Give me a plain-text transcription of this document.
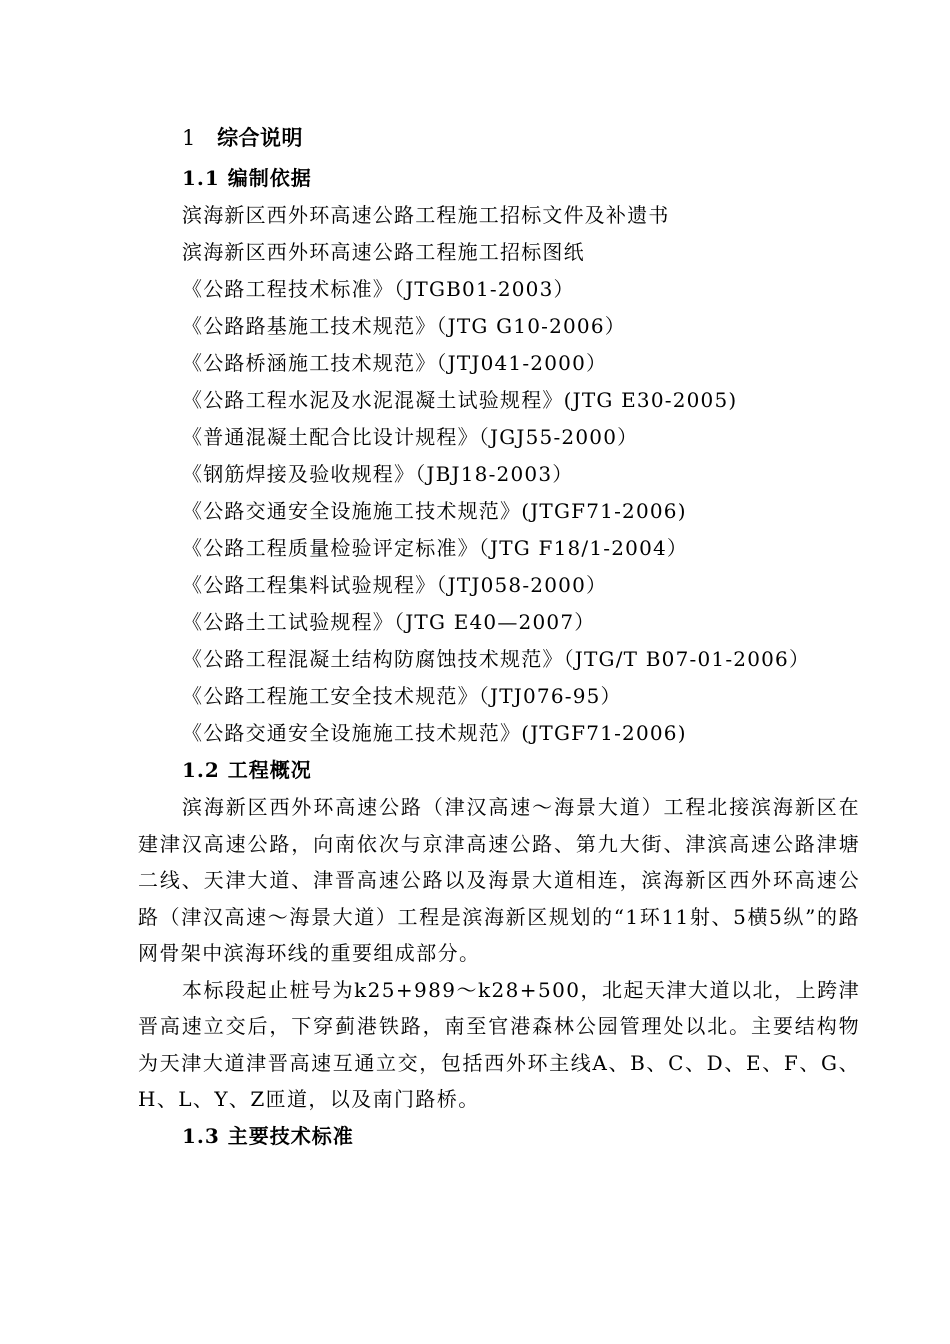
1 综合说明
1.1 编制依据
滨海新区西外环高速公路工程施工招标文件及补遗书
滨海新区西外环高速公路工程施工招标图纸
《公路工程技术标准》（JTGB01-2003）
《公路路基施工技术规范》（JTG G10-2006）
《公路桥涵施工技术规范》（JTJ041-2000）
《公路工程水泥及水泥混凝土试验规程》(JTG E30-2005)
《普通混凝土配合比设计规程》（JGJ55-2000）
《钢筋焊接及验收规程》（JBJ18-2003）
《公路交通安全设施施工技术规范》(JTGF71-2006)
《公路工程质量检验评定标准》（JTG F18/1-2004）
《公路工程集料试验规程》（JTJ058-2000）
《公路土工试验规程》（JTG E40—2007）
《公路工程混凝土结构防腐蚀技术规范》（JTG/T B07-01-2006）
《公路工程施工安全技术规范》（JTJ076-95）
《公路交通安全设施施工技术规范》(JTGF71-2006)
1.2 工程概况

滨海新区西外环高速公路（津汉高速～海景大道）工程北接滨海新区在建津汉高速公路，向南依次与京津高速公路、第九大街、津滨高速公路津塘二线、天津大道、津晋高速公路以及海景大道相连，滨海新区西外环高速公路（津汉高速～海景大道）工程是滨海新区规划的“1环11射、5横5纵”的路网骨架中滨海环线的重要组成部分。

本标段起止桩号为k25+989～k28+500，北起天津大道以北，上跨津晋高速立交后，下穿蓟港铁路，南至官港森林公园管理处以北。主要结构物为天津大道津晋高速互通立交，包括西外环主线A、B、C、D、E、F、G、H、L、Y、Z匝道，以及南门路桥。

1.3 主要技术标准
